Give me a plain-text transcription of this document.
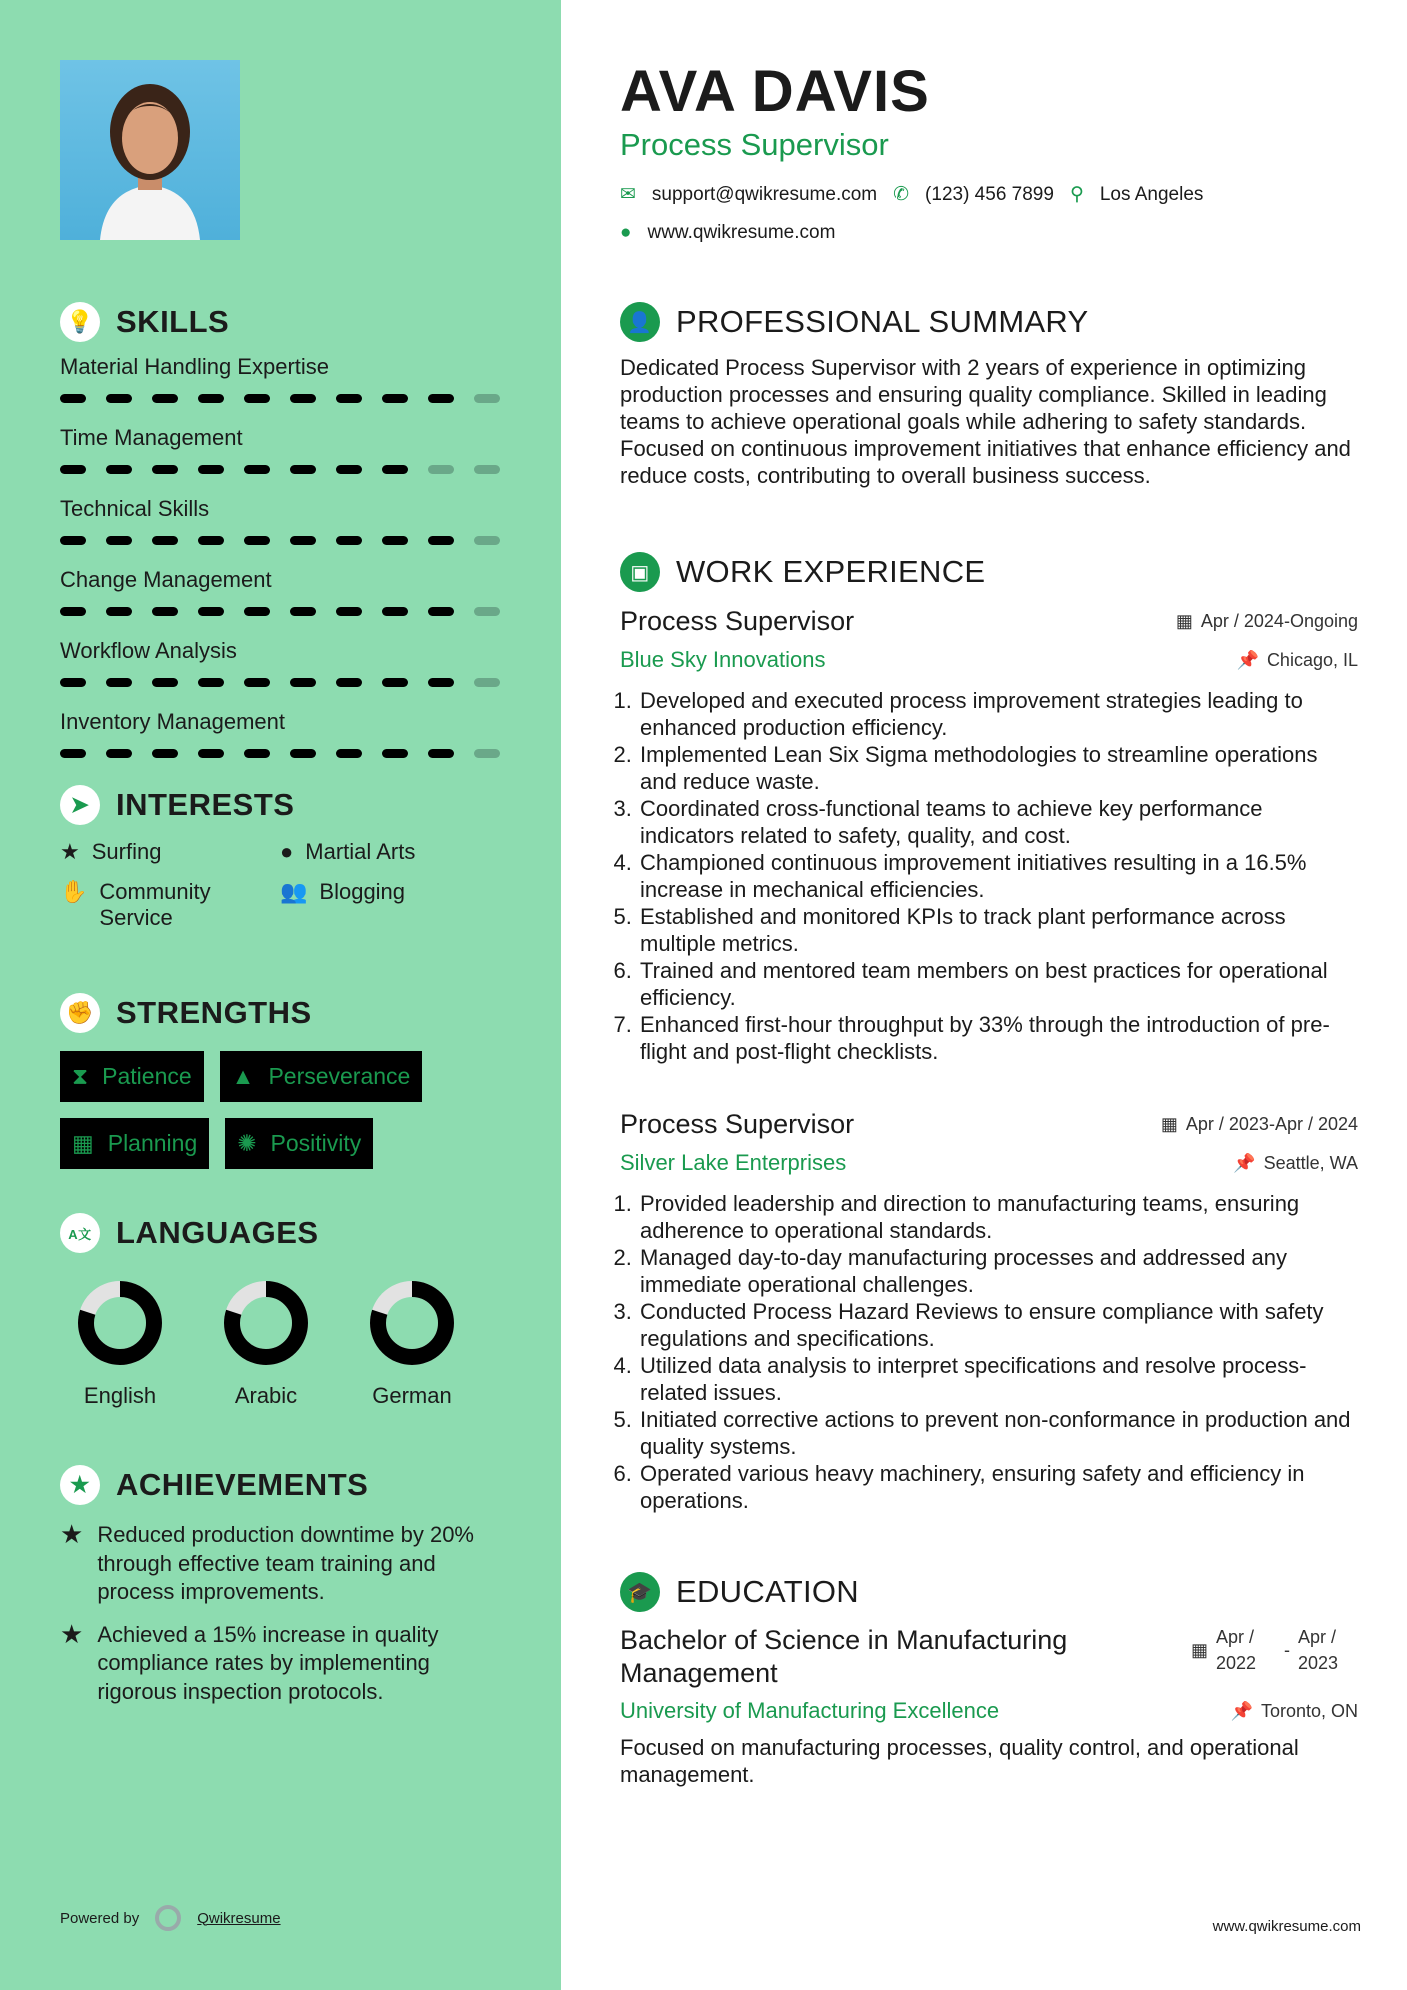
💡 SKILLS
Material Handling Expertise
Time Management
Technical Skills
Change Management
Workflow Analysis
Inventory Management
➤ INTERESTS
★ Surfing	● Martial Arts
✋ Community Service
👥 Blogging
✊ STRENGTHS
⧗ Patience ▲ Perseverance
▦ Planning ✺ Positivity
A文 LANGUAGES
English	Arabic	German
★ ACHIEVEMENTS
★ Reduced production downtime by 20% through effective team training and process improvements.
★ Achieved a 15% increase in quality compliance rates by implementing rigorous inspection protocols.
Powered by	Qwikresume
AVA DAVIS
Process Supervisor
✉ support@qwikresume.com ✆ (123) 456 7899 ⚲ Los Angeles
● www.qwikresume.com
👤 PROFESSIONAL SUMMARY

Dedicated Process Supervisor with 2 years of experience in optimizing production processes and ensuring quality compliance. Skilled in leading teams to achieve operational goals while adhering to safety standards. Focused on continuous improvement initiatives that enhance efficiency and reduce costs, contributing to overall business success.

▣ WORK EXPERIENCE
Process Supervisor	▦ Apr / 2024-Ongoing
Blue Sky Innovations	📌 Chicago, IL
1. Developed and executed process improvement strategies leading to enhanced production efficiency.
2. Implemented Lean Six Sigma methodologies to streamline operations and reduce waste.
3. Coordinated cross-functional teams to achieve key performance indicators related to safety, quality, and cost.
4. Championed continuous improvement initiatives resulting in a 16.5% increase in mechanical efficiencies.
5. Established and monitored KPIs to track plant performance across multiple metrics.
6. Trained and mentored team members on best practices for operational efficiency.
7. Enhanced first-hour throughput by 33% through the introduction of pre-flight and post-flight checklists.
Process Supervisor	▦ Apr / 2023-Apr / 2024
Silver Lake Enterprises	📌 Seattle, WA
1. Provided leadership and direction to manufacturing teams, ensuring adherence to operational standards.
2. Managed day-to-day manufacturing processes and addressed any immediate operational challenges.
3. Conducted Process Hazard Reviews to ensure compliance with safety regulations and specifications.
4. Utilized data analysis to interpret specifications and resolve process-related issues.
5. Initiated corrective actions to prevent non-conformance in production and quality systems.
6. Operated various heavy machinery, ensuring safety and efficiency in operations.
🎓 EDUCATION
Bachelor of Science in Manufacturing Management
▦
Apr / 2022
-
Apr / 2023
University of Manufacturing Excellence	📌 Toronto, ON

Focused on manufacturing processes, quality control, and operational management.

www.qwikresume.com
